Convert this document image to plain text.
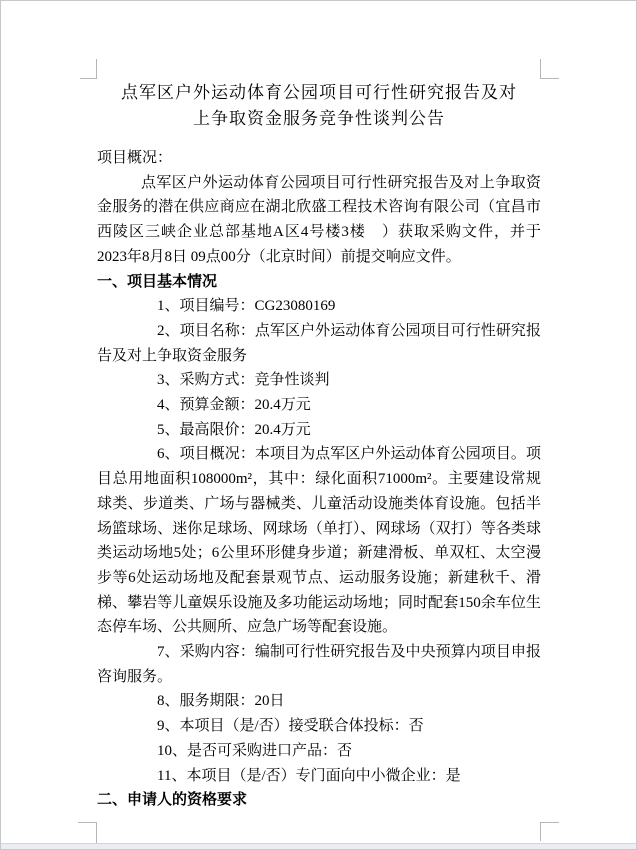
点军区户外运动体育公园项目可行性研究报告及对上争取资金服务竞争性谈判公告

项目概况：

点军区户外运动体育公园项目可行性研究报告及对上争取资金服务的潜在供应商应在湖北欣盛工程技术咨询有限公司（宜昌市西陵区三峡企业总部基地A区4号楼3楼　）获取采购文件，并于2023年8月8日 09点00分（北京时间）前提交响应文件。

一、项目基本情况

1、项目编号：CG23080169

2、项目名称：点军区户外运动体育公园项目可行性研究报告及对上争取资金服务

3、采购方式：竞争性谈判

4、预算金额：20.4万元

5、最高限价：20.4万元

6、项目概况：本项目为点军区户外运动体育公园项目。项目总用地面积108000m²，其中：绿化面积71000m²。主要建设常规球类、步道类、广场与器械类、儿童活动设施类体育设施。包括半场篮球场、迷你足球场、网球场（单打）、网球场（双打）等各类球类运动场地5处；6公里环形健身步道；新建滑板、单双杠、太空漫步等6处运动场地及配套景观节点、运动服务设施；新建秋千、滑梯、攀岩等儿童娱乐设施及多功能运动场地；同时配套150余车位生态停车场、公共厕所、应急广场等配套设施。

7、采购内容：编制可行性研究报告及中央预算内项目申报咨询服务。

8、服务期限：20日

9、本项目（是/否）接受联合体投标：否

10、是否可采购进口产品：否

11、本项目（是/否）专门面向中小微企业：是

二、申请人的资格要求
